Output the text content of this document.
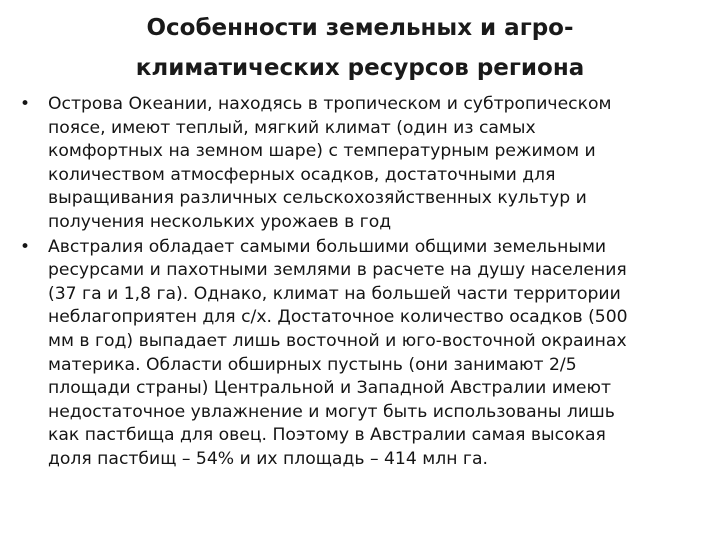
Особенности земельных и агро-
климатических ресурсов региона
• Острова Океании, находясь в тропическом и субтропическом
поясе, имеют теплый, мягкий климат (один из самых
комфортных на земном шаре) с температурным режимом и
количеством атмосферных осадков, достаточными для
выращивания различных сельскохозяйственных культур и
получения нескольких урожаев в год
• Австралия обладает самыми большими общими земельными
ресурсами и пахотными землями в расчете на душу населения
(37 га и 1,8 га). Однако, климат на большей части территории
неблагоприятен для с/х. Достаточное количество осадков (500
мм в год) выпадает лишь восточной и юго-восточной окраинах
материка. Области обширных пустынь (они занимают 2/5
площади страны) Центральной и Западной Австралии имеют
недостаточное увлажнение и могут быть использованы лишь
как пастбища для овец. Поэтому в Австралии самая высокая
доля пастбищ – 54% и их площадь – 414 млн га.
